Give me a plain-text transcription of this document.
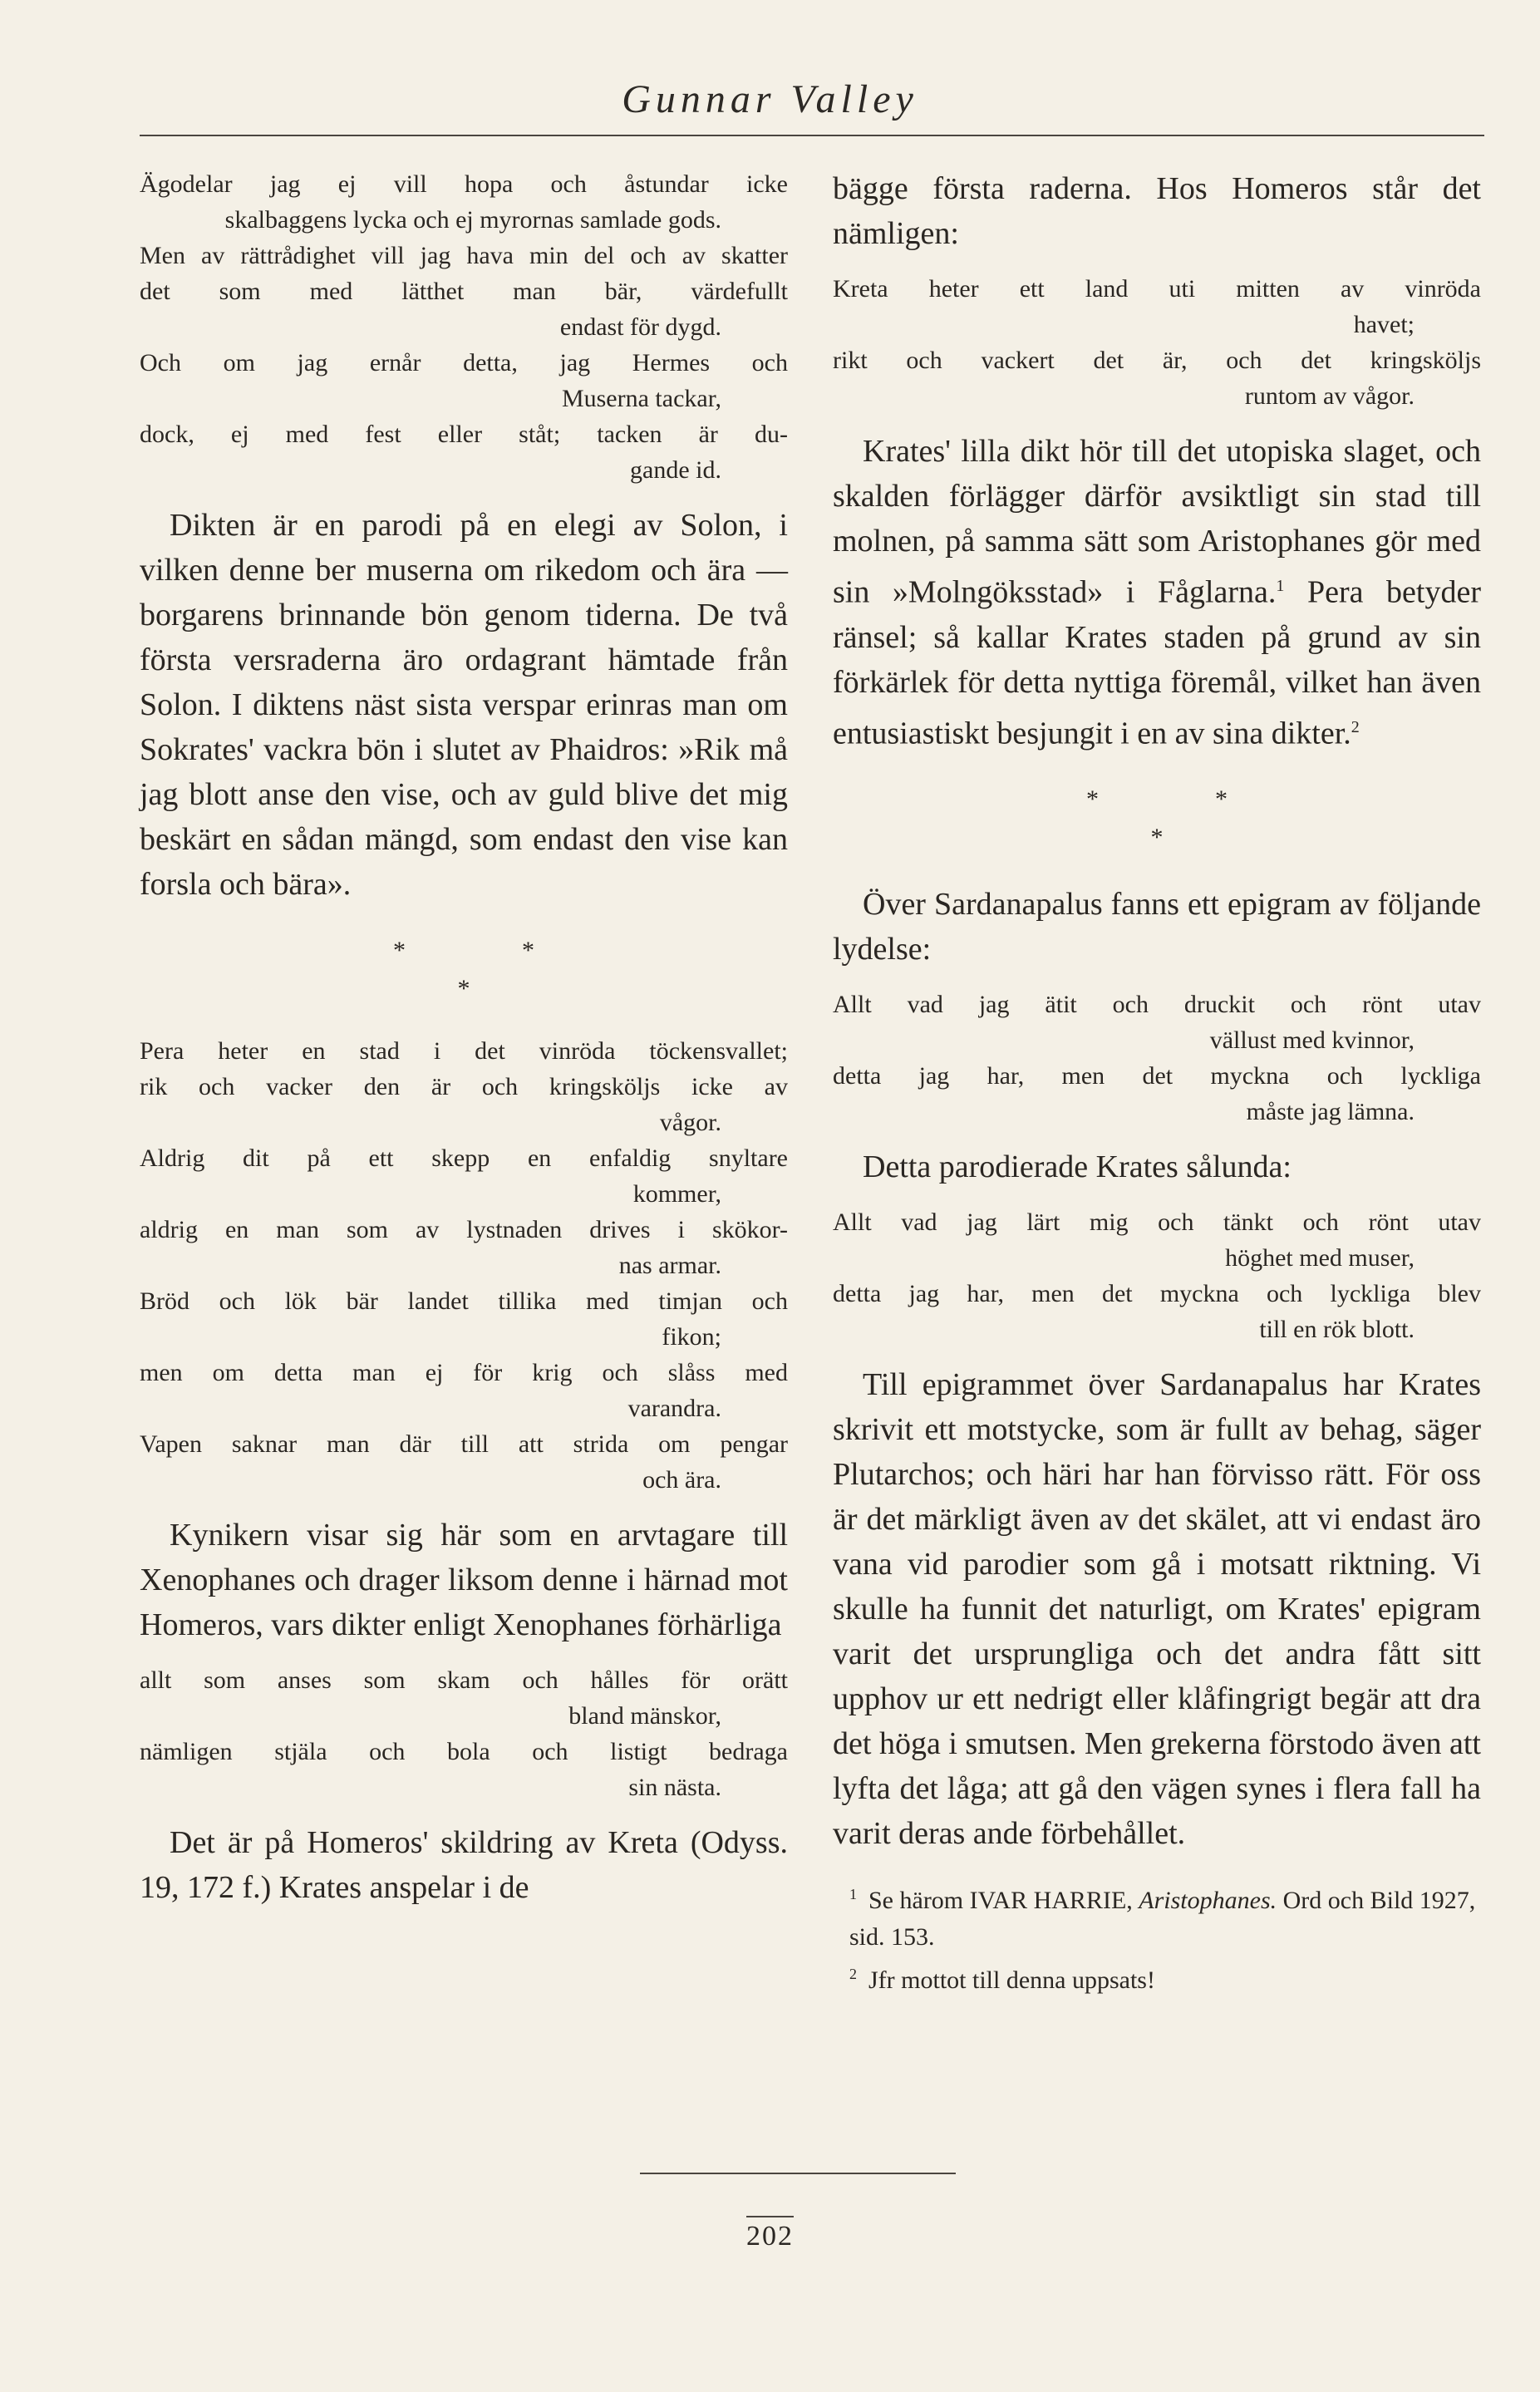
Gunnar Valley
Ägodelar jag ej vill hopa och åstundar icke
skalbaggens lycka och ej myrornas samlade gods.
Men av rättrådighet vill jag hava min del och av skatter
det som med lätthet man bär, värdefullt
endast för dygd.
Och om jag ernår detta, jag Hermes och
Muserna tackar,
dock, ej med fest eller ståt; tacken är du-
gande id.

Dikten är en parodi på en elegi av Solon, i vilken denne ber muserna om rikedom och ära — borgarens brinnande bön genom tiderna. De två första versraderna äro ordagrant hämtade från Solon. I diktens näst sista verspar erinras man om Sokrates' vackra bön i slutet av Phaidros: »Rik må jag blott anse den vise, och av guld blive det mig beskärt en sådan mängd, som endast den vise kan forsla och bära».

*	*
*
Pera heter en stad i det vinröda töckensvallet;
rik och vacker den är och kringsköljs icke av
vågor.
Aldrig dit på ett skepp en enfaldig snyltare
kommer,
aldrig en man som av lystnaden drives i skökor-
nas armar.
Bröd och lök bär landet tillika med timjan och
fikon;
men om detta man ej för krig och slåss med
varandra.
Vapen saknar man där till att strida om pengar
och ära.

Kynikern visar sig här som en arvtagare till Xenophanes och drager liksom denne i härnad mot Homeros, vars dikter enligt Xenophanes förhärliga

allt som anses som skam och hålles för orätt
bland mänskor,
nämligen stjäla och bola och listigt bedraga
sin nästa.

Det är på Homeros' skildring av Kreta (Odyss. 19, 172 f.) Krates anspelar i de

bägge första raderna. Hos Homeros står det nämligen:

Kreta heter ett land uti mitten av vinröda
havet;
rikt och vackert det är, och det kringsköljs
runtom av vågor.

Krates' lilla dikt hör till det utopiska slaget, och skalden förlägger därför avsiktligt sin stad till molnen, på samma sätt som Aristophanes gör med sin »Molngöksstad» i Fåglarna.$^1$ Pera betyder ränsel; så kallar Krates staden på grund av sin förkärlek för detta nyttiga föremål, vilket han även entusiastiskt besjungit i en av sina dikter.$^2$

*	*
*

Över Sardanapalus fanns ett epigram av följande lydelse:

Allt vad jag ätit och druckit och rönt utav
vällust med kvinnor,
detta jag har, men det myckna och lyckliga
måste jag lämna.

Detta parodierade Krates sålunda:

Allt vad jag lärt mig och tänkt och rönt utav
höghet med muser,
detta jag har, men det myckna och lyckliga blev
till en rök blott.

Till epigrammet över Sardanapalus har Krates skrivit ett motstycke, som är fullt av behag, säger Plutarchos; och häri har han förvisso rätt. För oss är det märkligt även av det skälet, att vi endast äro vana vid parodier som gå i motsatt riktning. Vi skulle ha funnit det naturligt, om Krates' epigram varit det ursprungliga och det andra fått sitt upphov ur ett nedrigt eller klåfingrigt begär att dra det höga i smutsen. Men grekerna förstodo även att lyfta det låga; att gå den vägen synes i flera fall ha varit deras ande förbehållet.

$^1$ Se härom IVAR HARRIE, Aristophanes. Ord och Bild 1927, sid. 153.

$^2$ Jfr mottot till denna uppsats!

202
